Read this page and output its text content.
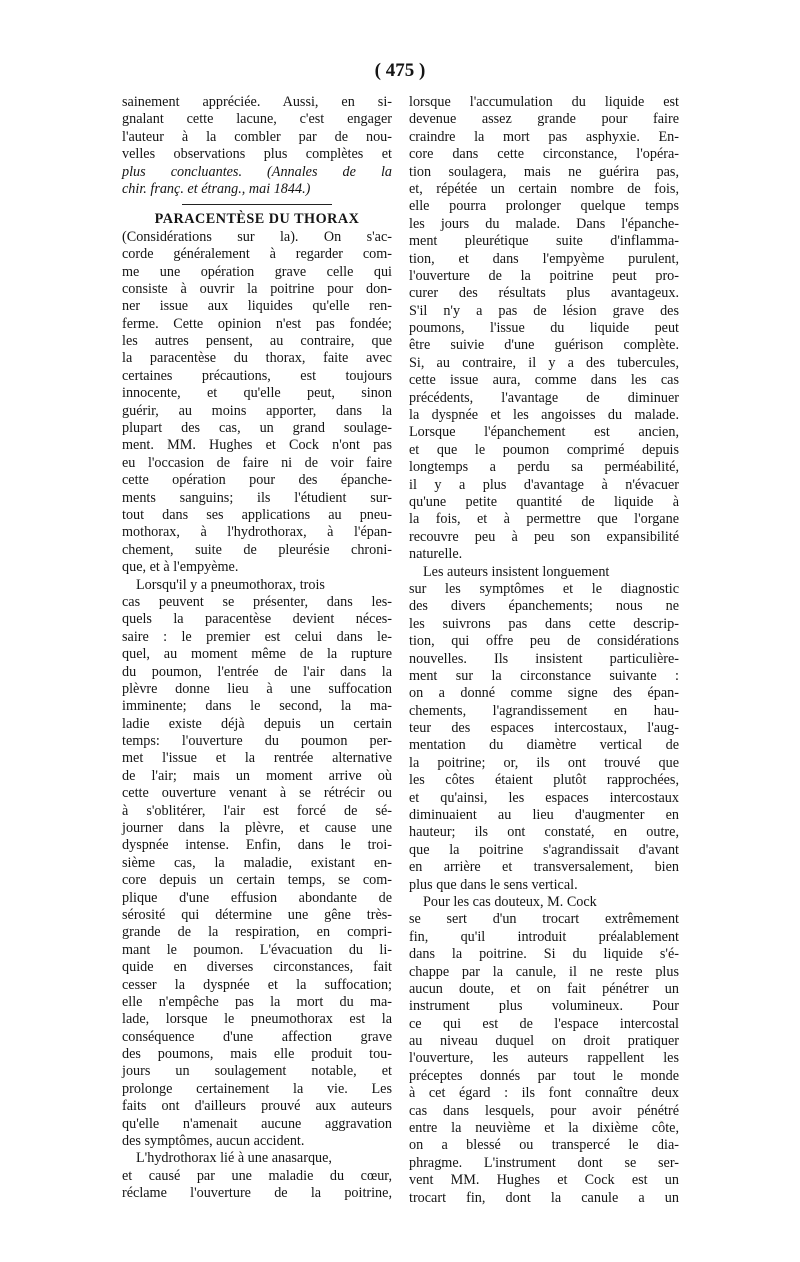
( 475 )
sainement appréciée. Aussi, en si-
gnalant cette lacune, c'est engager
l'auteur à la combler par de nou-
velles observations plus complètes et
plus concluantes. (Annales de la
chir. franç. et étrang., mai 1844.)
PARACENTÈSE DU THORAX
(Considérations sur la). On s'ac-
corde généralement à regarder com-
me une opération grave celle qui
consiste à ouvrir la poitrine pour don-
ner issue aux liquides qu'elle ren-
ferme. Cette opinion n'est pas fondée;
les autres pensent, au contraire, que
la paracentèse du thorax, faite avec
certaines précautions, est toujours
innocente, et qu'elle peut, sinon
guérir, au moins apporter, dans la
plupart des cas, un grand soulage-
ment. MM. Hughes et Cock n'ont pas
eu l'occasion de faire ni de voir faire
cette opération pour des épanche-
ments sanguins; ils l'étudient sur-
tout dans ses applications au pneu-
mothorax, à l'hydrothorax, à l'épan-
chement, suite de pleurésie chroni-
que, et à l'empyème.
Lorsqu'il y a pneumothorax, trois
cas peuvent se présenter, dans les-
quels la paracentèse devient néces-
saire : le premier est celui dans le-
quel, au moment même de la rupture
du poumon, l'entrée de l'air dans la
plèvre donne lieu à une suffocation
imminente; dans le second, la ma-
ladie existe déjà depuis un certain
temps: l'ouverture du poumon per-
met l'issue et la rentrée alternative
de l'air; mais un moment arrive où
cette ouverture venant à se rétrécir ou
à s'oblitérer, l'air est forcé de sé-
journer dans la plèvre, et cause une
dyspnée intense. Enfin, dans le troi-
sième cas, la maladie, existant en-
core depuis un certain temps, se com-
plique d'une effusion abondante de
sérosité qui détermine une gêne très-
grande de la respiration, en compri-
mant le poumon. L'évacuation du li-
quide en diverses circonstances, fait
cesser la dyspnée et la suffocation;
elle n'empêche pas la mort du ma-
lade, lorsque le pneumothorax est la
conséquence d'une affection grave
des poumons, mais elle produit tou-
jours un soulagement notable, et
prolonge certainement la vie. Les
faits ont d'ailleurs prouvé aux auteurs
qu'elle n'amenait aucune aggravation
des symptômes, aucun accident.
L'hydrothorax lié à une anasarque,
et causé par une maladie du cœur,
réclame l'ouverture de la poitrine,
lorsque l'accumulation du liquide est
devenue assez grande pour faire
craindre la mort pas asphyxie. En-
core dans cette circonstance, l'opéra-
tion soulagera, mais ne guérira pas,
et, répétée un certain nombre de fois,
elle pourra prolonger quelque temps
les jours du malade. Dans l'épanche-
ment pleurétique suite d'inflamma-
tion, et dans l'empyème purulent,
l'ouverture de la poitrine peut pro-
curer des résultats plus avantageux.
S'il n'y a pas de lésion grave des
poumons, l'issue du liquide peut
être suivie d'une guérison complète.
Si, au contraire, il y a des tubercules,
cette issue aura, comme dans les cas
précédents, l'avantage de diminuer
la dyspnée et les angoisses du malade.
Lorsque l'épanchement est ancien,
et que le poumon comprimé depuis
longtemps a perdu sa perméabilité,
il y a plus d'avantage à n'évacuer
qu'une petite quantité de liquide à
la fois, et à permettre que l'organe
recouvre peu à peu son expansibilité
naturelle.
Les auteurs insistent longuement
sur les symptômes et le diagnostic
des divers épanchements; nous ne
les suivrons pas dans cette descrip-
tion, qui offre peu de considérations
nouvelles. Ils insistent particulière-
ment sur la circonstance suivante :
on a donné comme signe des épan-
chements, l'agrandissement en hau-
teur des espaces intercostaux, l'aug-
mentation du diamètre vertical de
la poitrine; or, ils ont trouvé que
les côtes étaient plutôt rapprochées,
et qu'ainsi, les espaces intercostaux
diminuaient au lieu d'augmenter en
hauteur; ils ont constaté, en outre,
que la poitrine s'agrandissait d'avant
en arrière et transversalement, bien
plus que dans le sens vertical.
Pour les cas douteux, M. Cock
se sert d'un trocart extrêmement
fin, qu'il introduit préalablement
dans la poitrine. Si du liquide s'é-
chappe par la canule, il ne reste plus
aucun doute, et on fait pénétrer un
instrument plus volumineux. Pour
ce qui est de l'espace intercostal
au niveau duquel on droit pratiquer
l'ouverture, les auteurs rappellent les
préceptes donnés par tout le monde
à cet égard : ils font connaître deux
cas dans lesquels, pour avoir pénétré
entre la neuvième et la dixième côte,
on a blessé ou transpercé le dia-
phragme. L'instrument dont se ser-
vent MM. Hughes et Cock est un
trocart fin, dont la canule a un
